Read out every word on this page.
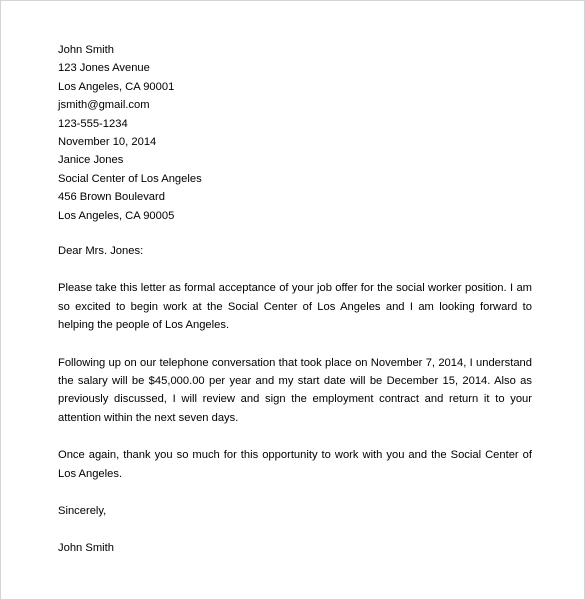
John Smith
123 Jones Avenue
Los Angeles, CA 90001
jsmith@gmail.com
123-555-1234
November 10, 2014
Janice Jones
Social Center of Los Angeles
456 Brown Boulevard
Los Angeles, CA 90005
Dear Mrs. Jones:

Please take this letter as formal acceptance of your job offer for the social worker position. I am so excited to begin work at the Social Center of Los Angeles and I am looking forward to helping the people of Los Angeles.

Following up on our telephone conversation that took place on November 7, 2014, I understand the salary will be $45,000.00 per year and my start date will be December 15, 2014. Also as previously discussed, I will review and sign the employment contract and return it to your attention within the next seven days.

Once again, thank you so much for this opportunity to work with you and the Social Center of Los Angeles.

Sincerely,
John Smith
